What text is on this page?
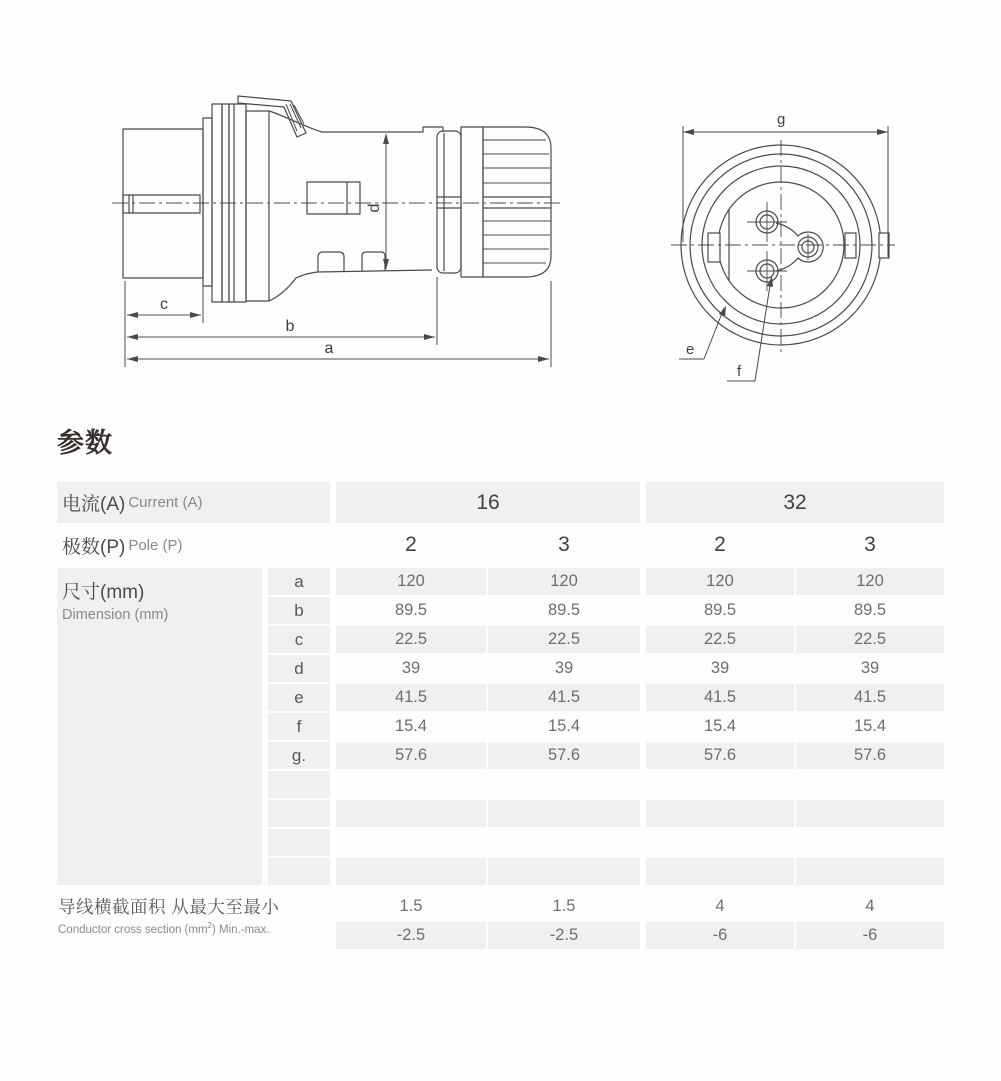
c
b
a
d
e
f
g
参数
电流(A) Current (A)	16	32
极数(P) Pole (P)	2	3	2	3
尺寸(mm)
Dimension (mm)
a	120	120	120	120
b	89.5	89.5	89.5	89.5
c	22.5	22.5	22.5	22.5
d	39	39	39	39
e	41.5	41.5	41.5	41.5
f	15.4	15.4	15.4	15.4
g.	57.6	57.6	57.6	57.6
导线横截面积 从最大至最小
Conductor cross section $(mm^2)$ Min.-max.
1.5	1.5	4	4
-2.5	-2.5	-6	-6
